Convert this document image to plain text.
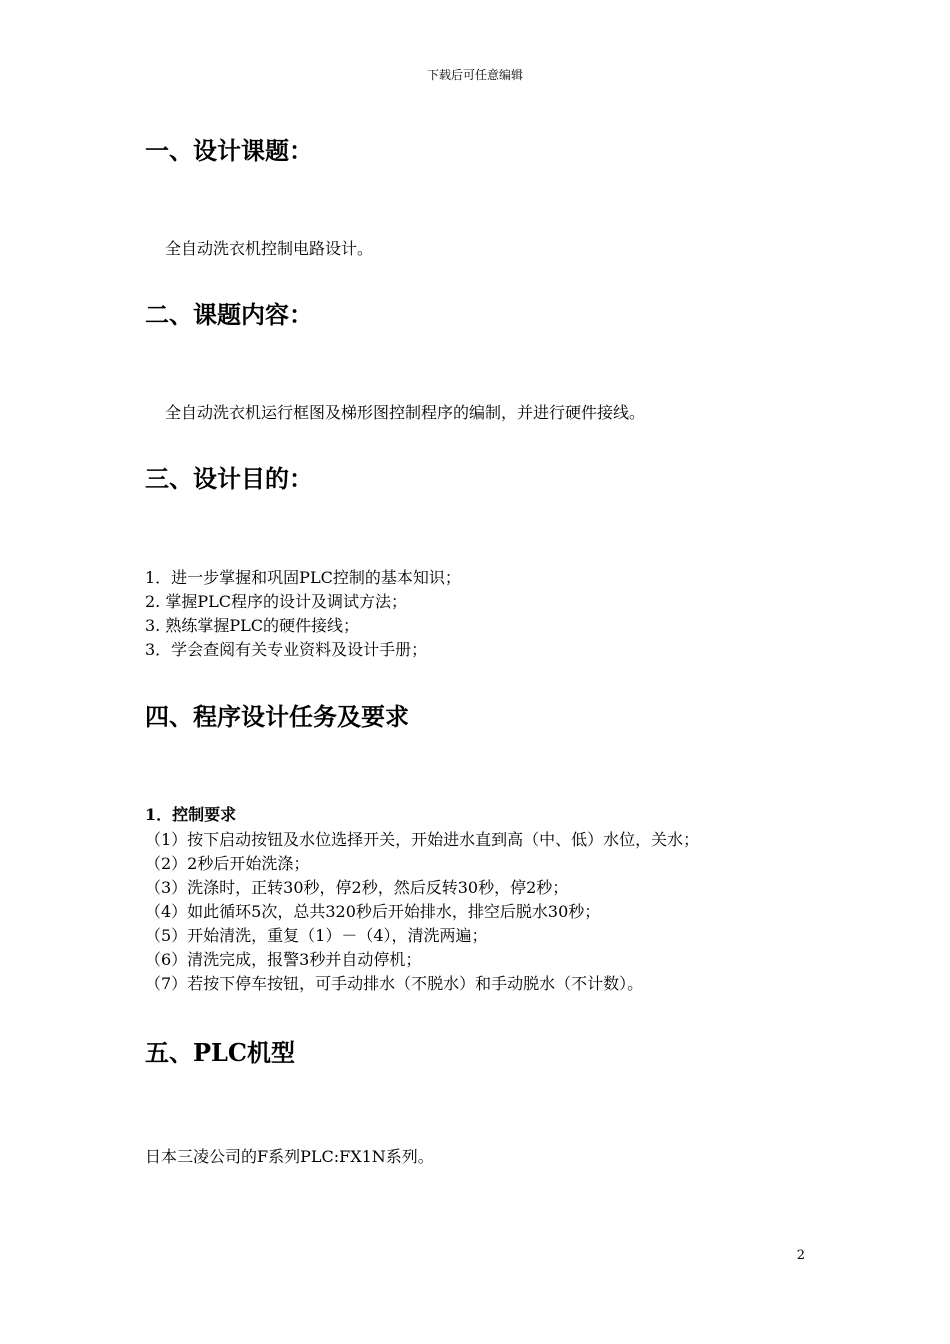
下载后可任意编辑
一、设计课题：

全自动洗衣机控制电路设计。

二、课题内容：

全自动洗衣机运行框图及梯形图控制程序的编制，并进行硬件接线。

三、设计目的：
1．进一步掌握和巩固PLC控制的基本知识；
2. 掌握PLC程序的设计及调试方法；
3. 熟练掌握PLC的硬件接线；
3．学会查阅有关专业资料及设计手册；
四、程序设计任务及要求

1．控制要求

（1）按下启动按钮及水位选择开关，开始进水直到高（中、低）水位，关水；
（2）2秒后开始洗涤；
（3）洗涤时，正转30秒，停2秒，然后反转30秒，停2秒；
（4）如此循环5次，总共320秒后开始排水，排空后脱水30秒；
（5）开始清洗，重复（1）－（4），清洗两遍；
（6）清洗完成，报警3秒并自动停机；
（7）若按下停车按钮，可手动排水（不脱水）和手动脱水（不计数）。
五、PLC机型

日本三凌公司的F系列PLC:FX1N系列。

2
